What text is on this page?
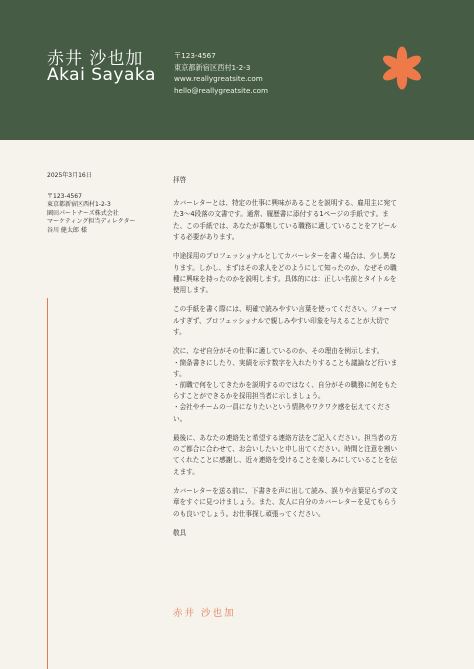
赤井 沙也加
Akai Sayaka
〒123-4567
東京都新宿区西村1-2-3
www.reallygreatsite.com
hello@reallygreatsite.com
2025年3月16日
〒123-4567
東京都新宿区西村1-2-3
園田パートナーズ株式会社
マーケティング担当ディレクター
谷川 健太郎 様

拝啓

カバーレターとは、特定の仕事に興味があることを説明する、雇用主に宛て
た3〜4段落の文書です。通常、履歴書に添付する1ページの手紙です。ま
た、この手紙では、あなたが募集している職務に適していることをアピール
する必要があります。

中途採用のプロフェッショナルとしてカバーレターを書く場合は、少し異な
ります。しかし、まずはその求人をどのようにして知ったのか、なぜその職
種に興味を持ったのかを説明します。具体的には：正しい名前とタイトルを
使用します。

この手紙を書く際には、明確で読みやすい言葉を使ってください。フォーマ
ルすぎず、プロフェッショナルで親しみやすい印象を与えることが大切で
す。

次に、なぜ自分がその仕事に適しているのか、その理由を例示します。
・箇条書きにしたり、実績を示す数字を入れたりすることも議論など行いま
す。
・前職で何をしてきたかを説明するのではなく、自分がその職務に何をもた
らすことができるかを採用担当者に示しましょう。
・会社やチームの一員になりたいという情熱やワクワク感を伝えてくださ
い。

最後に、あなたの連絡先と希望する連絡方法をご記入ください。担当者の方
のご都合に合わせて、お会いしたいと申し出てください。時間と注意を割い
てくれたことに感謝し、近々連絡を受けることを楽しみにしていることを伝
えます。

カバーレターを送る前に、下書きを声に出して読み、誤りや言葉足らずの文
章をすぐに見つけましょう。また、友人に自分のカバーレターを見てもらう
のも良いでしょう。お仕事探し頑張ってください。

敬具

赤井 沙也加
